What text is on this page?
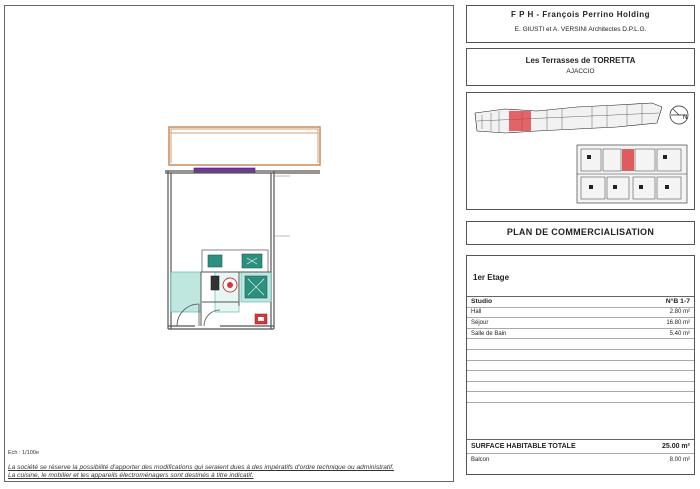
Ech : 1/100e
La société se réserve la possibilité d'apporter des modifications qui seraient dues à des impératifs d'ordre technique ou administratif.
La cuisine, le mobilier et les appareils électroménagers sont destinés à titre indicatif.
F P H - François Perrino Holding
E. GIUSTI et A. VERSINI Architectes D.P.L.G.
Les Terrasses de TORRETTA
AJACCIO
N
PLAN DE COMMERCIALISATION
1er Etage
Studio	N°B 1-7
Hall	2.80 m²
Séjour	16.80 m²
Salle de Bain	5.40 m²

SURFACE HABITABLE TOTALE	25.00 m²
Balcon	8.00 m²
